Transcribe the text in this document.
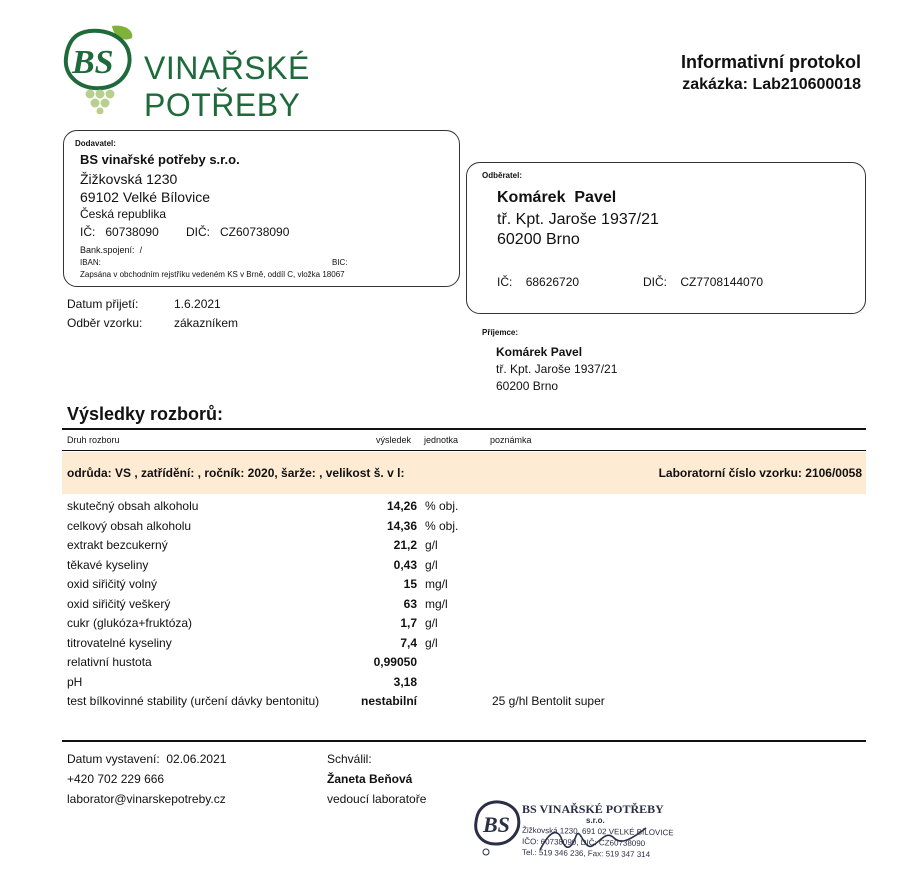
BS VINAŘSKÉ POTŘEBY
Informativní protokol
zakázka: Lab210600018
Dodavatel:
BS vinařské potřeby s.r.o.
Žižkovská 1230
69102 Velké Bílovice
Česká republika
IČ: 60738090 DIČ: CZ60738090
Bank.spojení: /
IBAN:	BIC:
Zapsána v obchodním rejstříku vedeném KS v Brně, oddíl C, vložka 18067
Odběratel:
Komárek  Pavel
tř. Kpt. Jaroše 1937/21
60200 Brno
IČ: 68626720	DIČ: CZ7708144070
Datum přijetí:	1.6.2021
Odběr vzorku:	zákazníkem
Příjemce:
Komárek Pavel
tř. Kpt. Jaroše 1937/21
60200 Brno
Výsledky rozborů:
Druh rozboru	výsledek jednotka	poznámka
odrůda: VS , zatřídění: , ročník: 2020, šarže: , velikost š. v l:	Laboratorní číslo vzorku: 2106/0058
skutečný obsah alkoholu	14,26 % obj.
celkový obsah alkoholu	14,36 % obj.
extrakt bezcukerný	21,2 g/l
těkavé kyseliny	0,43 g/l
oxid siřičitý volný	15 mg/l
oxid siřičitý veškerý	63 mg/l
cukr (glukóza+fruktóza)	1,7 g/l
titrovatelné kyseliny	7,4 g/l
relativní hustota	0,99050
pH	3,18
test bílkovinné stability (určení dávky bentonitu)	nestabilní	25 g/hl Bentolit super
Datum vystavení: 02.06.2021
+420 702 229 666
laborator@vinarskepotreby.cz
Schválil:
Žaneta Beňová
vedoucí laboratoře
BS
BS VINAŘSKÉ POTŘEBY
s.r.o.
Žižkovská 1230, 691 02 VELKÉ BÍLOVICE
IČO: 60738090, DIČ: CZ60738090
Tel.: 519 346 236, Fax: 519 347 314
